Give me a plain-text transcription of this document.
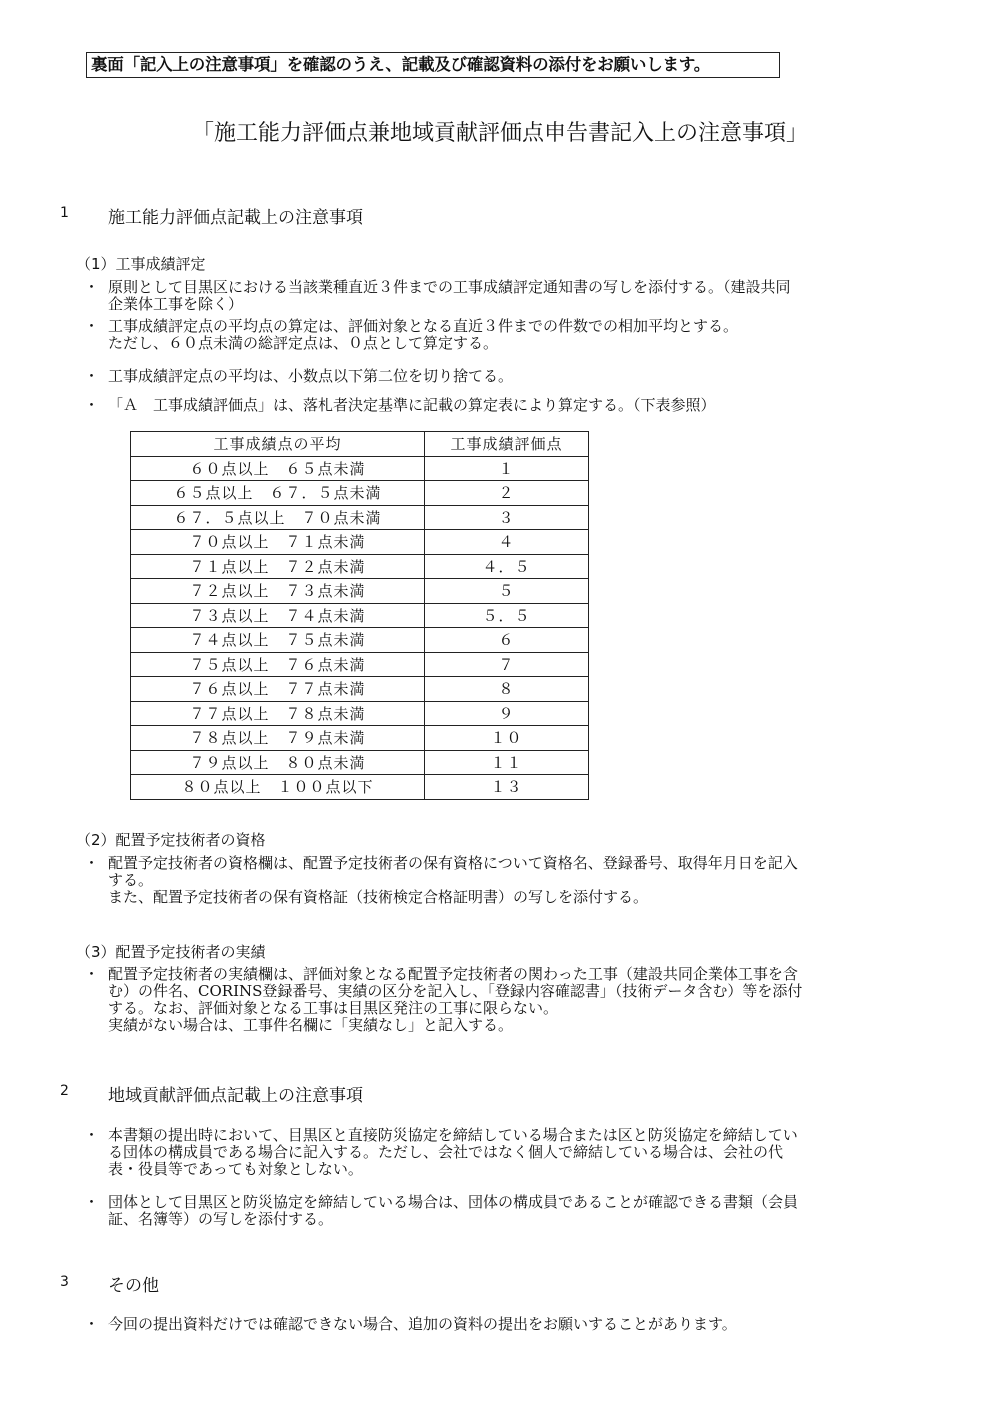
裏面「記入上の注意事項」を確認のうえ、記載及び確認資料の添付をお願いします。
「施工能力評価点兼地域貢献評価点申告書記入上の注意事項」
1 施工能力評価点記載上の注意事項
（1）工事成績評定
・ 原則として目黒区における当該業種直近３件までの工事成績評定通知書の写しを添付する。（建設共同
企業体工事を除く）
・ 工事成績評定点の平均点の算定は、評価対象となる直近３件までの件数での相加平均とする。
ただし、６０点未満の総評定点は、０点として算定する。
・ 工事成績評定点の平均は、小数点以下第二位を切り捨てる。
・ 「Ａ　工事成績評価点」は、落札者決定基準に記載の算定表により算定する。（下表参照）
工事成績点の平均	工事成績評価点
６０点以上　６５点未満	１
６５点以上　６７．５点未満	２
６７．５点以上　７０点未満	３
７０点以上　７１点未満	４
７１点以上　７２点未満	４．５
７２点以上　７３点未満	５
７３点以上　７４点未満	５．５
７４点以上　７５点未満	６
７５点以上　７６点未満	７
７６点以上　７７点未満	８
７７点以上　７８点未満	９
７８点以上　７９点未満	１０
７９点以上　８０点未満	１１
８０点以上　１００点以下	１３
（2）配置予定技術者の資格
・ 配置予定技術者の資格欄は、配置予定技術者の保有資格について資格名、登録番号、取得年月日を記入
する。
また、配置予定技術者の保有資格証（技術検定合格証明書）の写しを添付する。
（3）配置予定技術者の実績
・ 配置予定技術者の実績欄は、評価対象となる配置予定技術者の関わった工事（建設共同企業体工事を含
む）の件名、CORINS登録番号、実績の区分を記入し、「登録内容確認書」（技術データ含む）等を添付
する。なお、評価対象となる工事は目黒区発注の工事に限らない。
実績がない場合は、工事件名欄に「実績なし」と記入する。
2 地域貢献評価点記載上の注意事項
・ 本書類の提出時において、目黒区と直接防災協定を締結している場合または区と防災協定を締結してい
る団体の構成員である場合に記入する。ただし、会社ではなく個人で締結している場合は、会社の代
表・役員等であっても対象としない。
・ 団体として目黒区と防災協定を締結している場合は、団体の構成員であることが確認できる書類（会員
証、名簿等）の写しを添付する。
3 その他
・ 今回の提出資料だけでは確認できない場合、追加の資料の提出をお願いすることがあります。
